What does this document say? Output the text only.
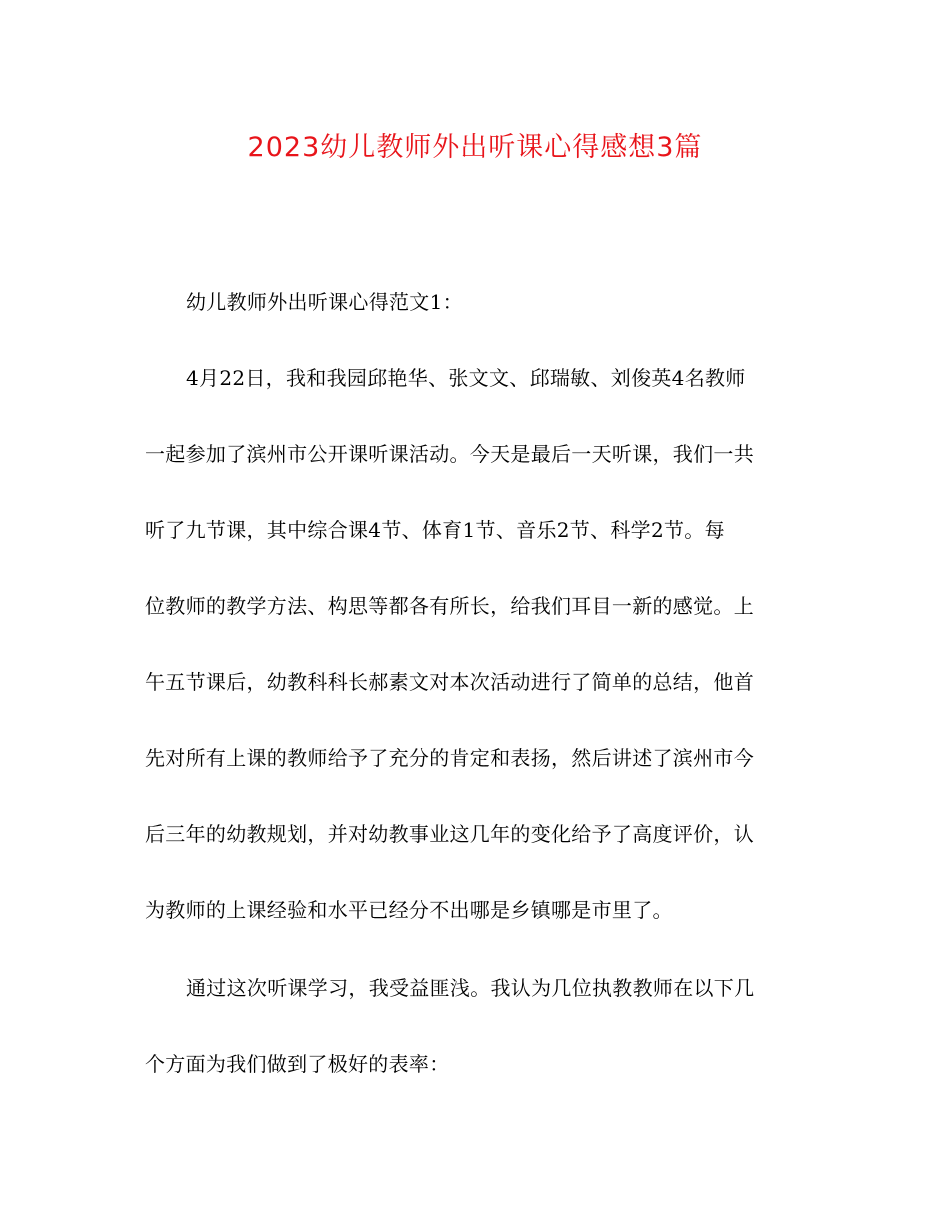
2023幼儿教师外出听课心得感想3篇
幼儿教师外出听课心得范文1：
4月22日，我和我园邱艳华、张文文、邱瑞敏、刘俊英4名教师
一起参加了滨州市公开课听课活动。今天是最后一天听课，我们一共
听了九节课，其中综合课4节、体育1节、音乐2节、科学2节。每
位教师的教学方法、构思等都各有所长，给我们耳目一新的感觉。上
午五节课后，幼教科科长郝素文对本次活动进行了简单的总结，他首
先对所有上课的教师给予了充分的肯定和表扬，然后讲述了滨州市今
后三年的幼教规划，并对幼教事业这几年的变化给予了高度评价，认
为教师的上课经验和水平已经分不出哪是乡镇哪是市里了。
通过这次听课学习，我受益匪浅。我认为几位执教教师在以下几
个方面为我们做到了极好的表率：
